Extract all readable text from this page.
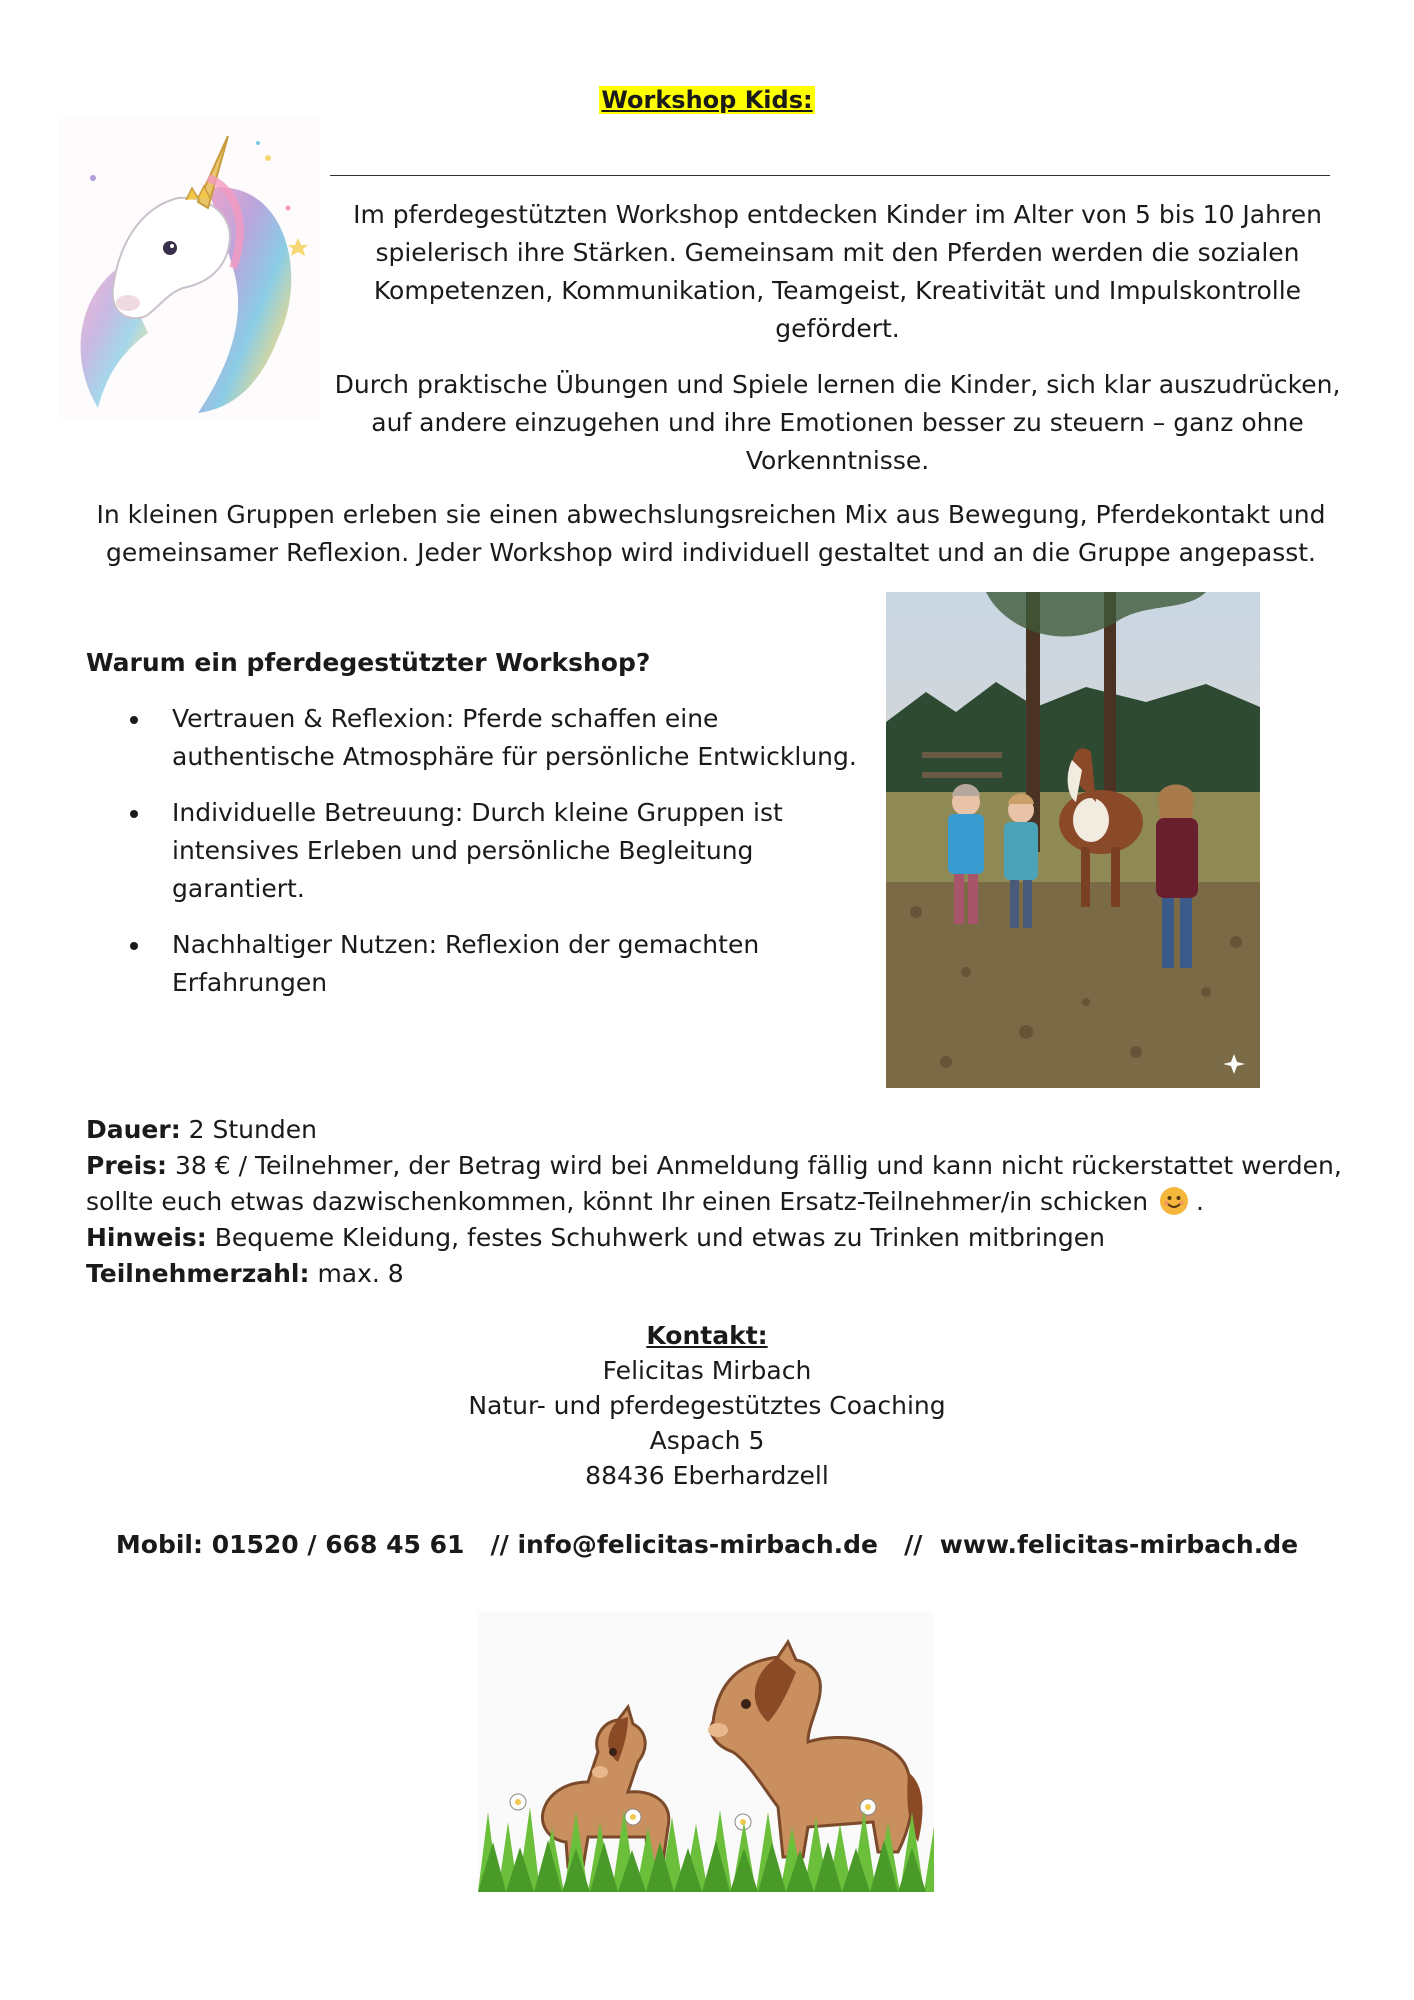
Workshop Kids:

Im pferdegestützten Workshop entdecken Kinder im Alter von 5 bis 10 Jahren spielerisch ihre Stärken. Gemeinsam mit den Pferden werden die sozialen Kompetenzen, Kommunikation, Teamgeist, Kreativität und Impulskontrolle gefördert.

Durch praktische Übungen und Spiele lernen die Kinder, sich klar auszudrücken, auf andere einzugehen und ihre Emotionen besser zu steuern – ganz ohne Vorkenntnisse.

In kleinen Gruppen erleben sie einen abwechslungsreichen Mix aus Bewegung, Pferdekontakt und gemeinsamer Reflexion. Jeder Workshop wird individuell gestaltet und an die Gruppe angepasst.

Warum ein pferdegestützter Workshop?
Vertrauen & Reflexion: Pferde schaffen eine authentische Atmosphäre für persönliche Entwicklung.
Individuelle Betreuung: Durch kleine Gruppen ist intensives Erleben und persönliche Begleitung garantiert.
Nachhaltiger Nutzen: Reflexion der gemachten Erfahrungen
Dauer: 2 Stunden
Preis: 38 € / Teilnehmer, der Betrag wird bei Anmeldung fällig und kann nicht rückerstattet werden, sollte euch etwas dazwischenkommen, könnt Ihr einen Ersatz-Teilnehmer/in schicken
.
Hinweis: Bequeme Kleidung, festes Schuhwerk und etwas zu Trinken mitbringen
Teilnehmerzahl: max. 8
Kontakt:
Felicitas Mirbach
Natur- und pferdegestütztes Coaching
Aspach 5
88436 Eberhardzell
Mobil: 01520 / 668 45 61   // info@felicitas-mirbach.de   //  www.felicitas-mirbach.de
